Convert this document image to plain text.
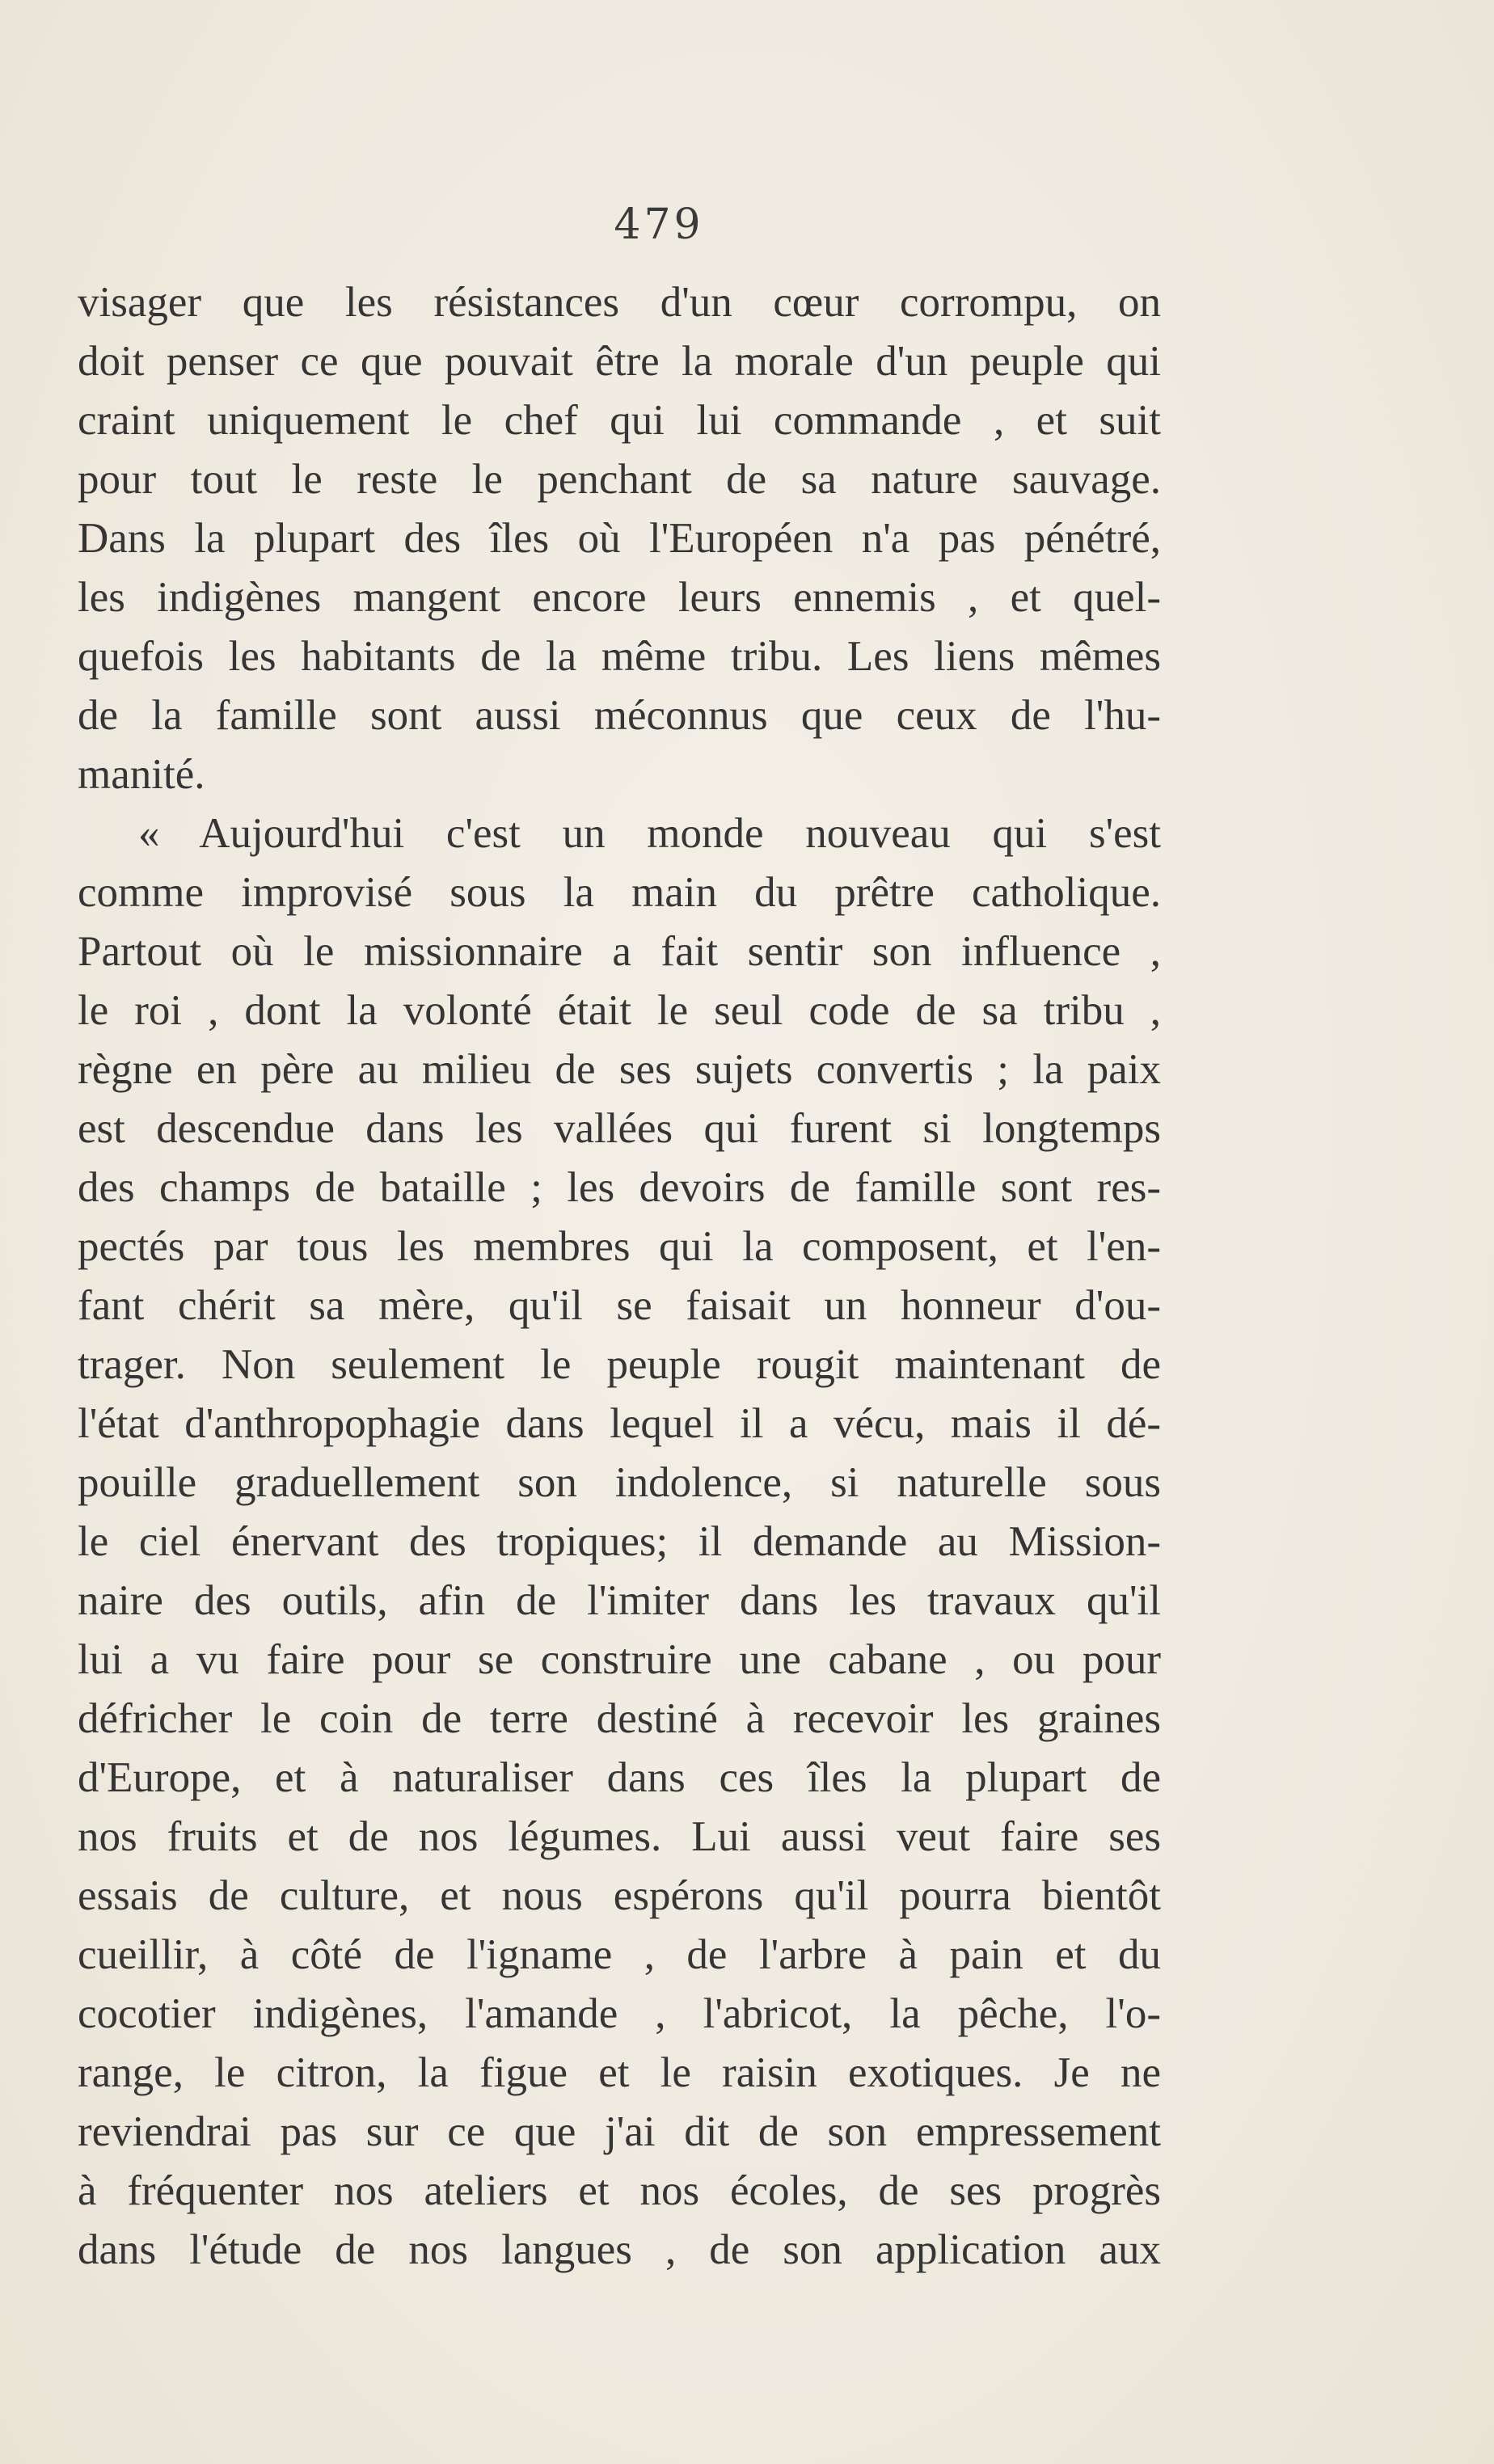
479

visager que les résistances d'un cœur corrompu, on
doit penser ce que pouvait être la morale d'un peuple qui
craint uniquement le chef qui lui commande , et suit
pour tout le reste le penchant de sa nature sauvage.
Dans la plupart des îles où l'Européen n'a pas pénétré,
les indigènes mangent encore leurs ennemis , et quel-
quefois les habitants de la même tribu. Les liens mêmes
de la famille sont aussi méconnus que ceux de l'hu-
manité.
« Aujourd'hui c'est un monde nouveau qui s'est
comme improvisé sous la main du prêtre catholique.
Partout où le missionnaire a fait sentir son influence ,
le roi , dont la volonté était le seul code de sa tribu ,
règne en père au milieu de ses sujets convertis ; la paix
est descendue dans les vallées qui furent si longtemps
des champs de bataille ; les devoirs de famille sont res-
pectés par tous les membres qui la composent, et l'en-
fant chérit sa mère, qu'il se faisait un honneur d'ou-
trager. Non seulement le peuple rougit maintenant de
l'état d'anthropophagie dans lequel il a vécu, mais il dé-
pouille graduellement son indolence, si naturelle sous
le ciel énervant des tropiques; il demande au Mission-
naire des outils, afin de l'imiter dans les travaux qu'il
lui a vu faire pour se construire une cabane , ou pour
défricher le coin de terre destiné à recevoir les graines
d'Europe, et à naturaliser dans ces îles la plupart de
nos fruits et de nos légumes. Lui aussi veut faire ses
essais de culture, et nous espérons qu'il pourra bientôt
cueillir, à côté de l'igname , de l'arbre à pain et du
cocotier indigènes, l'amande , l'abricot, la pêche, l'o-
range, le citron, la figue et le raisin exotiques. Je ne
reviendrai pas sur ce que j'ai dit de son empressement
à fréquenter nos ateliers et nos écoles, de ses progrès
dans l'étude de nos langues , de son application aux
